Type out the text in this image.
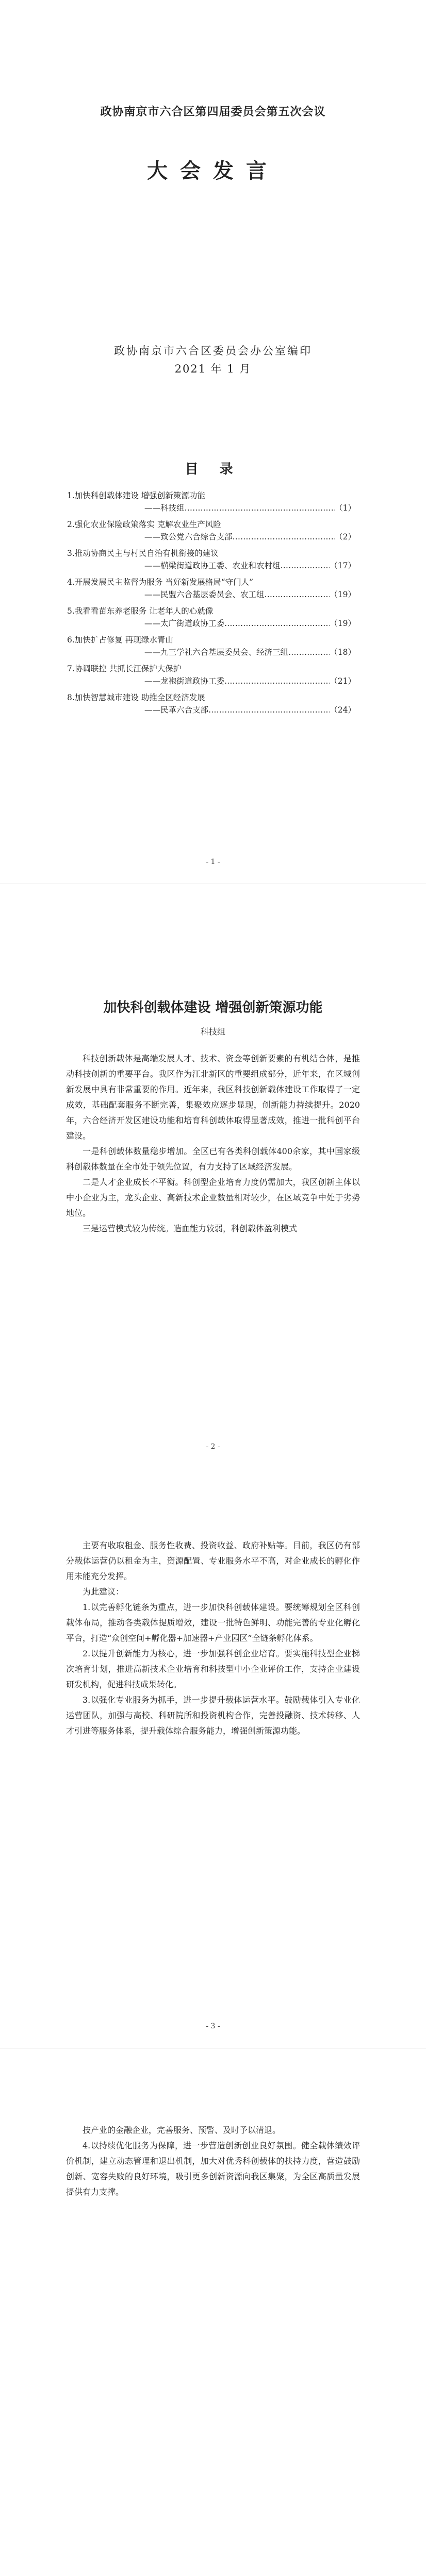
政协南京市六合区第四届委员会第五次会议
大会发言
政协南京市六合区委员会办公室编印
2021 年 1 月
目 录
1.加快科创载体建设 增强创新策源功能
——科技组 …………………………………………………………………………………………………	（1）
2.强化农业保险政策落实 克解农业生产风险
——致公党六合综合支部 …………………………………………………………………………………………………	（2）
3.推动协商民主与村民自治有机衔接的建议
——横梁街道政协工委、农业和农村组 …………………………………………………………………………………………………	（17）
4.开展发展民主监督为服务 当好新发展格局“守门人”
——民盟六合基层委员会、农工组 …………………………………………………………………………………………………	（19）
5.我看看苗东养老服务 让老年人的心就像
——太广街道政协工委 …………………………………………………………………………………………………	（19）
6.加快扩占修复 再现绿水青山
——九三学社六合基层委员会、经济三组 …………………………………………………………………………………………………	（18）
7.协调联控 共抓长江保护大保护
——龙袍街道政协工委 …………………………………………………………………………………………………	（21）
8.加快智慧城市建设 助推全区经济发展
——民革六合支部 …………………………………………………………………………………………………	（24）
- 1 -
加快科创载体建设 增强创新策源功能
科技组

科技创新载体是高端发展人才、技术、资金等创新要素的有机结合体，是推动科技创新的重要平台。我区作为江北新区的重要组成部分，近年来，在区域创新发展中具有非常重要的作用。近年来，我区科技创新载体建设工作取得了一定成效，基础配套服务不断完善，集聚效应逐步显现，创新能力持续提升。2020年，六合经济开发区建设功能和培育科创载体取得显著成效，推进一批科创平台建设。

一是科创载体数量稳步增加。全区已有各类科创载体400余家，其中国家级科创载体数量在全市处于领先位置，有力支持了区域经济发展。

二是人才企业成长不平衡。科创型企业培育力度仍需加大，我区创新主体以中小企业为主，龙头企业、高新技术企业数量相对较少，在区域竞争中处于劣势地位。

三是运营模式较为传统。造血能力较弱，科创载体盈利模式

- 2 -

主要有收取租金、服务性收费、投资收益、政府补贴等。目前，我区仍有部分载体运营仍以租金为主，资源配置、专业服务水平不高，对企业成长的孵化作用未能充分发挥。

为此建议：

1.以完善孵化链条为重点，进一步加快科创载体建设。要统筹规划全区科创载体布局，推动各类载体提质增效，建设一批特色鲜明、功能完善的专业化孵化平台，打造“众创空间+孵化器+加速器+产业园区”全链条孵化体系。

2.以提升创新能力为核心，进一步加强科创企业培育。要实施科技型企业梯次培育计划，推进高新技术企业培育和科技型中小企业评价工作，支持企业建设研发机构，促进科技成果转化。

3.以强化专业服务为抓手，进一步提升载体运营水平。鼓励载体引入专业化运营团队，加强与高校、科研院所和投资机构合作，完善投融资、技术转移、人才引进等服务体系，提升载体综合服务能力，增强创新策源功能。

- 3 -

技产业的金融企业，完善服务、预警、及时予以清退。

4.以持续优化服务为保障，进一步营造创新创业良好氛围。健全载体绩效评价机制，建立动态管理和退出机制，加大对优秀科创载体的扶持力度，营造鼓励创新、宽容失败的良好环境，吸引更多创新资源向我区集聚，为全区高质量发展提供有力支撑。
